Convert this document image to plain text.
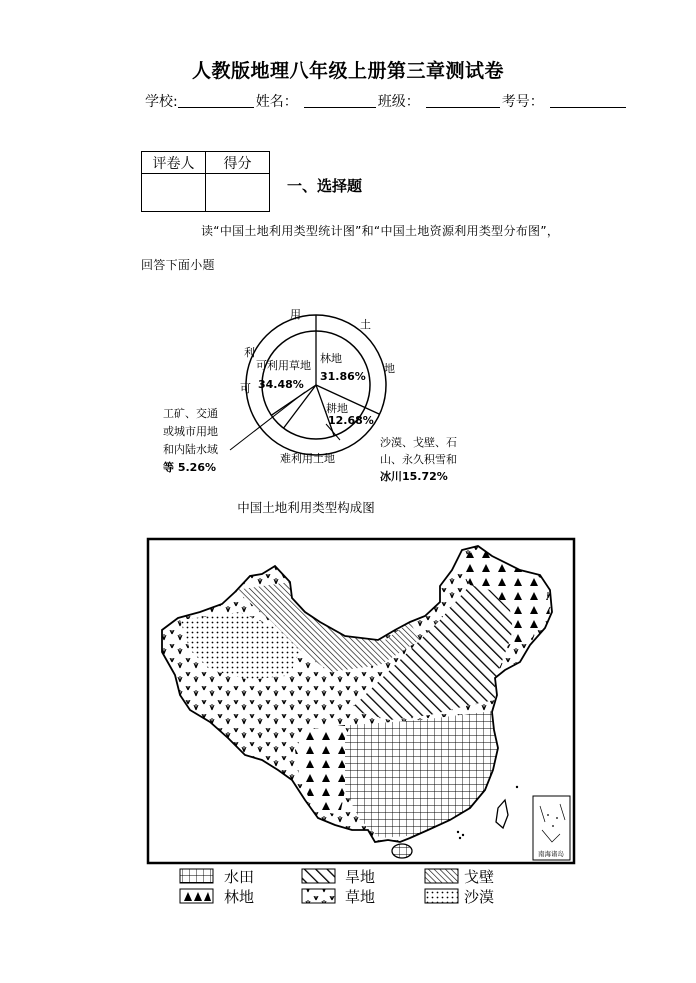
人教版地理八年级上册第三章测试卷
学校:	姓名：	班级：	考号：
评卷人	得分

一、选择题
读“中国土地利用类型统计图”和“中国土地资源利用类型分布图”，
回答下面小题
用
土
地
利
可
林地
31.86%
耕地
12.68%
可利用草地
34.48%
难利用土地
沙漠、戈壁、石
山、永久积雪和
冰川15.72%
工矿、交通
或城市用地
和内陆水域
等 5.26%
中国土地利用类型构成图
南海诸岛
水田	旱地	戈壁
林地	草地	沙漠
